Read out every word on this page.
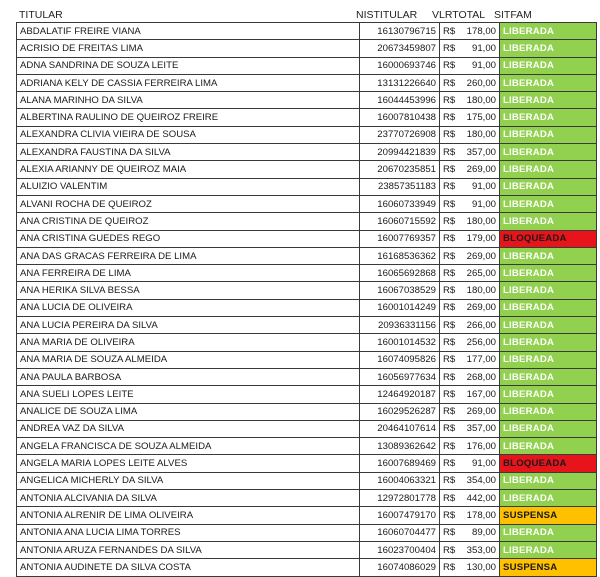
TITULAR	NISTITULAR VLRTOTAL SITFAM
ABDALATIF FREIRE VIANA	16130796715	R$ 178,00	LIBERADA
ACRISIO DE FREITAS LIMA	20673459807	R$ 91,00	LIBERADA
ADNA SANDRINA DE SOUZA LEITE	16000693746	R$ 91,00	LIBERADA
ADRIANA KELY DE CASSIA FERREIRA LIMA	13131226640	R$ 260,00	LIBERADA
ALANA MARINHO DA SILVA	16044453996	R$ 180,00	LIBERADA
ALBERTINA RAULINO DE QUEIROZ FREIRE	16007810438	R$ 175,00	LIBERADA
ALEXANDRA CLIVIA VIEIRA DE SOUSA	23770726908	R$ 180,00	LIBERADA
ALEXANDRA FAUSTINA DA SILVA	20994421839	R$ 357,00	LIBERADA
ALEXIA ARIANNY DE QUEIROZ MAIA	20670235851	R$ 269,00	LIBERADA
ALUIZIO VALENTIM	23857351183	R$ 91,00	LIBERADA
ALVANI ROCHA DE QUEIROZ	16060733949	R$ 91,00	LIBERADA
ANA CRISTINA DE QUEIROZ	16060715592	R$ 180,00	LIBERADA
ANA CRISTINA GUEDES REGO	16007769357	R$ 179,00	BLOQUEADA
ANA DAS GRACAS FERREIRA DE LIMA	16168536362	R$ 269,00	LIBERADA
ANA FERREIRA DE LIMA	16065692868	R$ 265,00	LIBERADA
ANA HERIKA SILVA BESSA	16067038529	R$ 180,00	LIBERADA
ANA LUCIA DE OLIVEIRA	16001014249	R$ 269,00	LIBERADA
ANA LUCIA PEREIRA DA SILVA	20936331156	R$ 266,00	LIBERADA
ANA MARIA DE OLIVEIRA	16001014532	R$ 256,00	LIBERADA
ANA MARIA DE SOUZA ALMEIDA	16074095826	R$ 177,00	LIBERADA
ANA PAULA BARBOSA	16056977634	R$ 268,00	LIBERADA
ANA SUELI LOPES LEITE	12464920187	R$ 167,00	LIBERADA
ANALICE DE SOUZA LIMA	16029526287	R$ 269,00	LIBERADA
ANDREA VAZ DA SILVA	20464107614	R$ 357,00	LIBERADA
ANGELA FRANCISCA DE SOUZA ALMEIDA	13089362642	R$ 176,00	LIBERADA
ANGELA MARIA LOPES LEITE ALVES	16007689469	R$ 91,00	BLOQUEADA
ANGELICA MICHERLY DA SILVA	16004063321	R$ 354,00	LIBERADA
ANTONIA ALCIVANIA DA SILVA	12972801778	R$ 442,00	LIBERADA
ANTONIA ALRENIR DE LIMA OLIVEIRA	16007479170	R$ 178,00	SUSPENSA
ANTONIA ANA LUCIA LIMA TORRES	16060704477	R$ 89,00	LIBERADA
ANTONIA ARUZA FERNANDES DA SILVA	16023700404	R$ 353,00	LIBERADA
ANTONIA AUDINETE DA SILVA COSTA	16074086029	R$ 130,00	SUSPENSA
